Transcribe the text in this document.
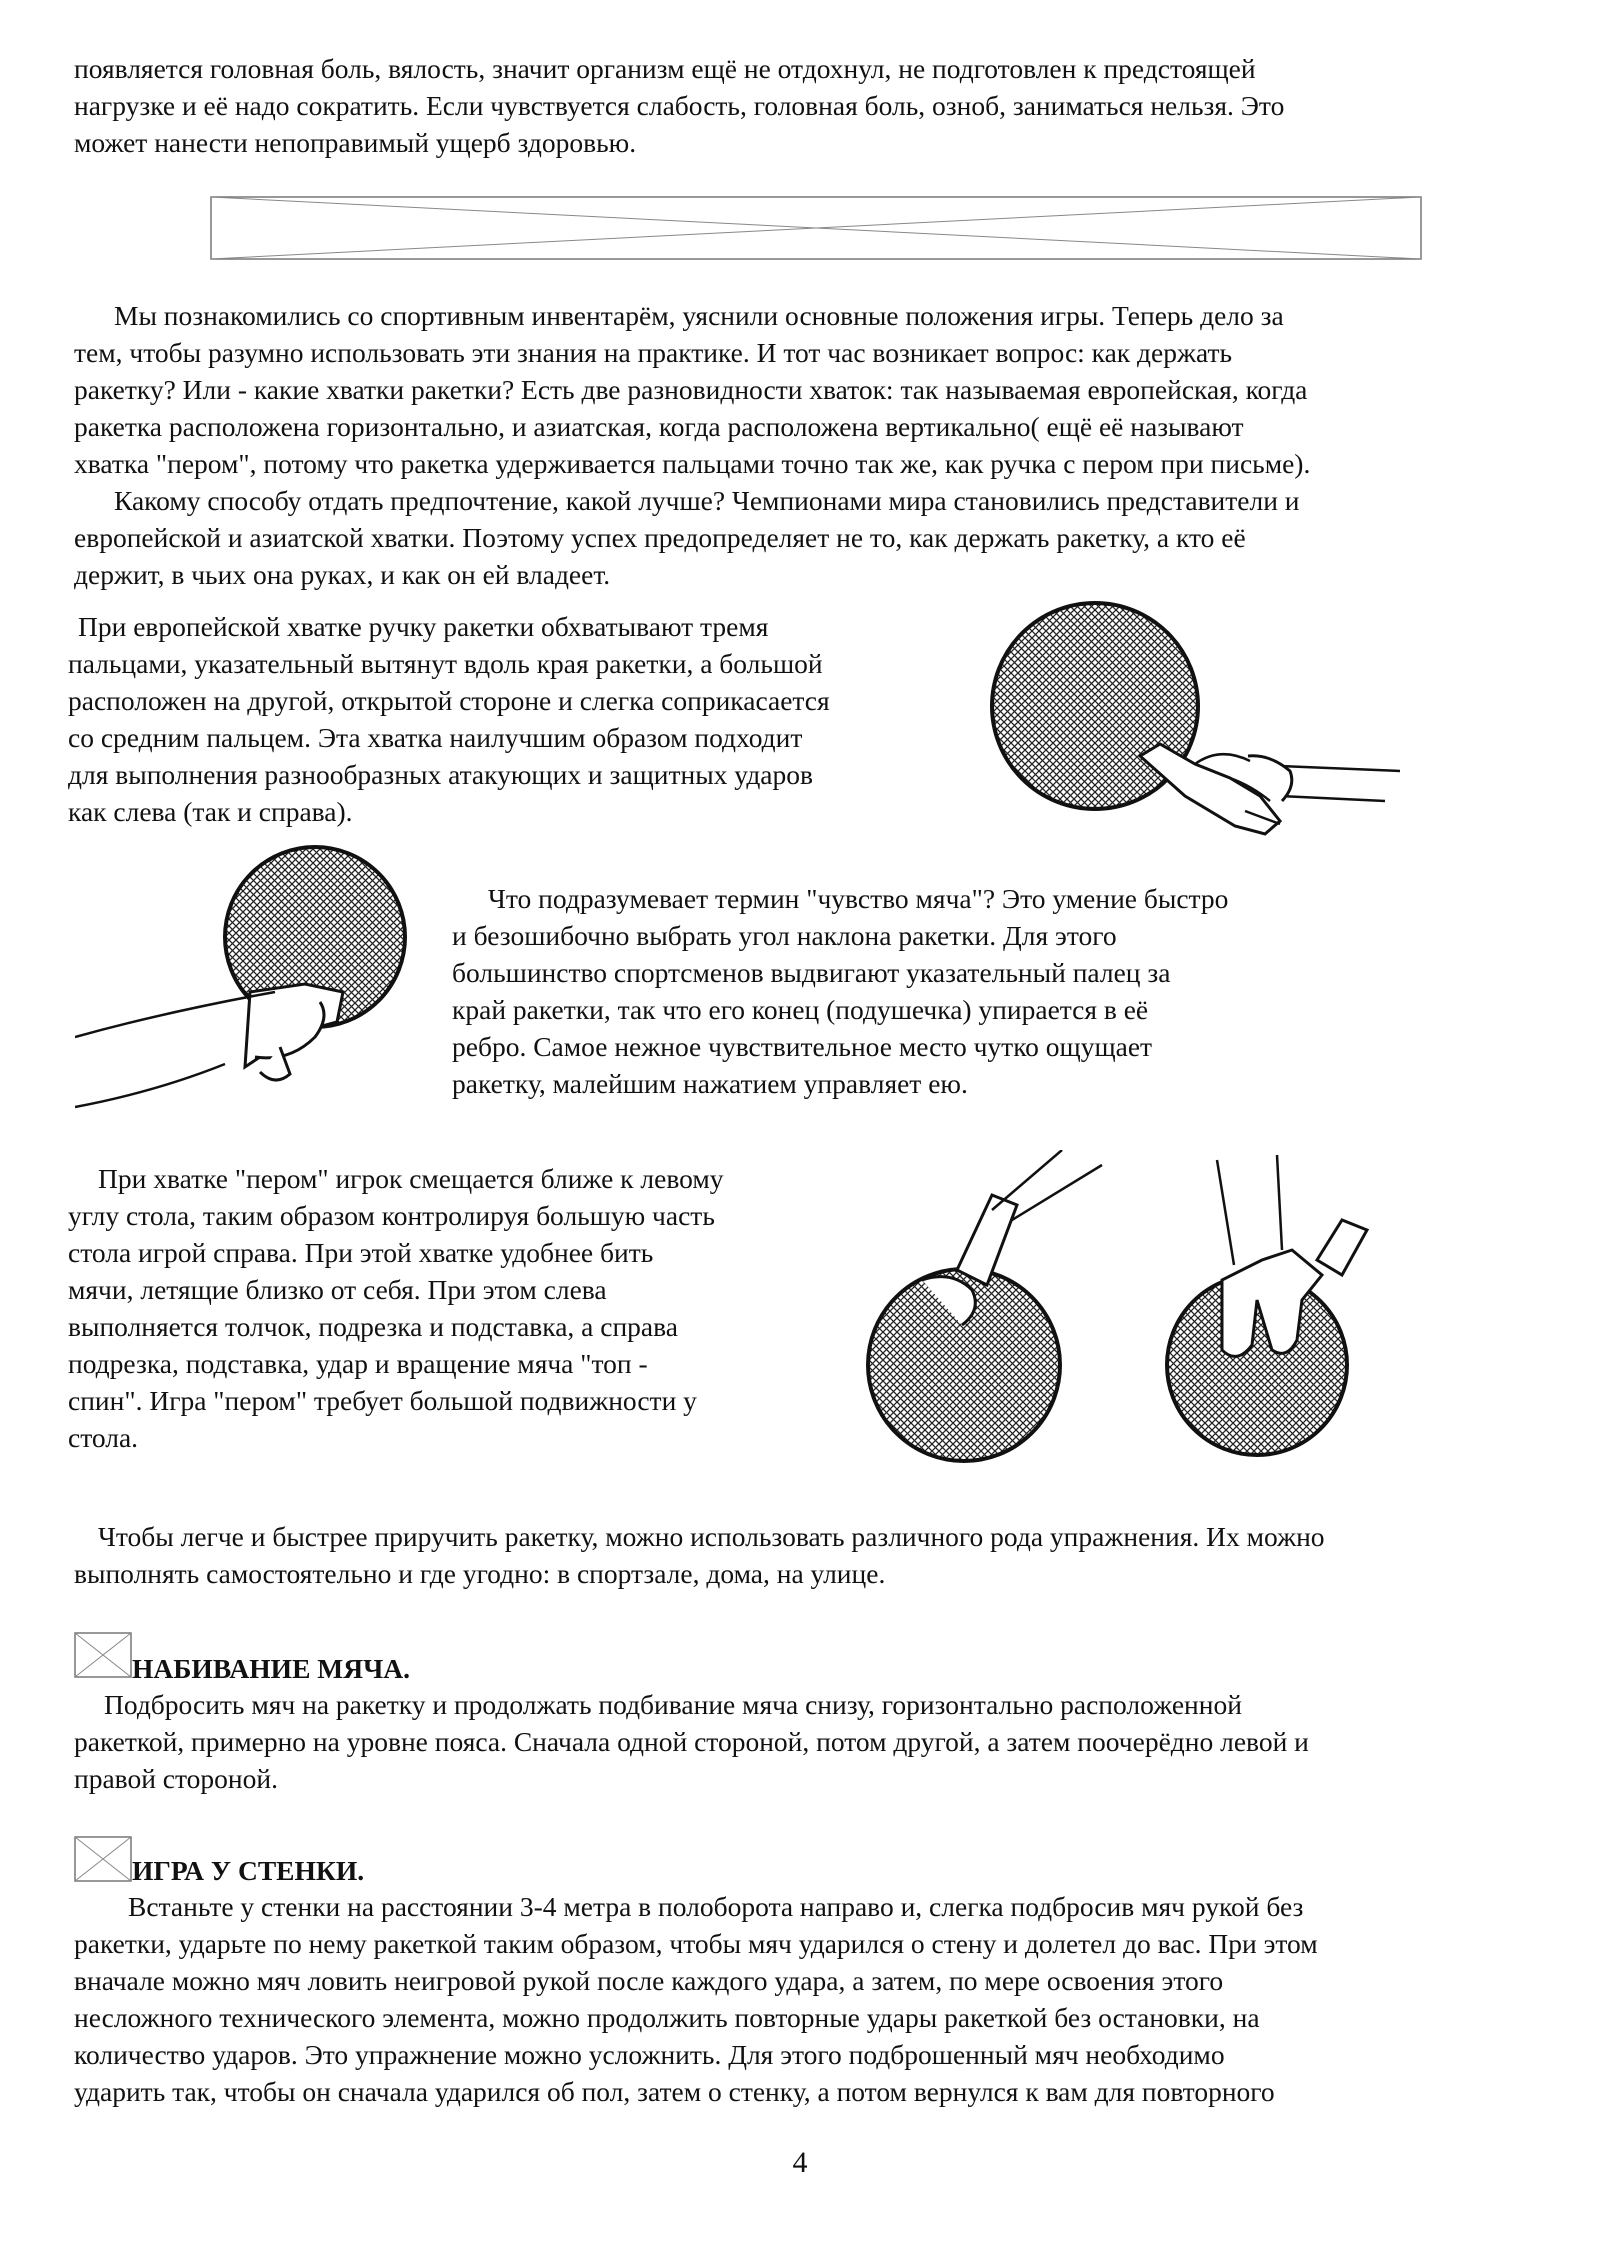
появляется головная боль, вялость, значит организм ещё не отдохнул, не подготовлен к предстоящей
нагрузке и её надо сократить. Если чувствуется слабость, головная боль, озноб, заниматься нельзя. Это
может нанести непоправимый ущерб здоровью.
Мы познакомились со спортивным инвентарём, уяснили основные положения игры. Теперь дело за
тем, чтобы разумно использовать эти знания на практике. И тот час возникает вопрос: как держать
ракетку? Или - какие хватки ракетки? Есть две разновидности хваток: так называемая европейская, когда
ракетка расположена горизонтально, и азиатская, когда расположена вертикально( ещё её называют
хватка "пером", потому что ракетка удерживается пальцами точно так же, как ручка с пером при письме).
Какому способу отдать предпочтение, какой лучше? Чемпионами мира становились представители и
европейской и азиатской хватки. Поэтому успех предопределяет не то, как держать ракетку, а кто её
держит, в чьих она руках, и как он ей владеет.
При европейской хватке ручку ракетки обхватывают тремя
пальцами, указательный вытянут вдоль края ракетки, а большой
расположен на другой, открытой стороне и слегка соприкасается
со средним пальцем. Эта хватка наилучшим образом подходит
для выполнения разнообразных атакующих и защитных ударов
как слева (так и справа).
Что подразумевает термин "чувство мяча"? Это умение быстро
и безошибочно выбрать угол наклона ракетки. Для этого
большинство спортсменов выдвигают указательный палец за
край ракетки, так что его конец (подушечка) упирается в её
ребро. Самое нежное чувствительное место чутко ощущает
ракетку, малейшим нажатием управляет ею.
При хватке "пером" игрок смещается ближе к левому
углу стола, таким образом контролируя большую часть
стола игрой справа. При этой хватке удобнее бить
мячи, летящие близко от себя. При этом слева
выполняется толчок, подрезка и подставка, а справа
подрезка, подставка, удар и вращение мяча "топ -
спин". Игра "пером" требует большой подвижности у
стола.
Чтобы легче и быстрее приручить ракетку, можно использовать различного рода упражнения. Их можно
выполнять самостоятельно и где угодно: в спортзале, дома, на улице.
НАБИВАНИЕ МЯЧА.
Подбросить мяч на ракетку и продолжать подбивание мяча снизу, горизонтально расположенной
ракеткой, примерно на уровне пояса. Сначала одной стороной, потом другой, а затем поочерёдно левой и
правой стороной.
ИГРА У СТЕНКИ.
Встаньте у стенки на расстоянии 3-4 метра в полоборота направо и, слегка подбросив мяч рукой без
ракетки, ударьте по нему ракеткой таким образом, чтобы мяч ударился о стену и долетел до вас. При этом
вначале можно мяч ловить неигровой рукой после каждого удара, а затем, по мере освоения этого
несложного технического элемента, можно продолжить повторные удары ракеткой без остановки, на
количество ударов. Это упражнение можно усложнить. Для этого подброшенный мяч необходимо
ударить так, чтобы он сначала ударился об пол, затем о стенку, а потом вернулся к вам для повторного
4
